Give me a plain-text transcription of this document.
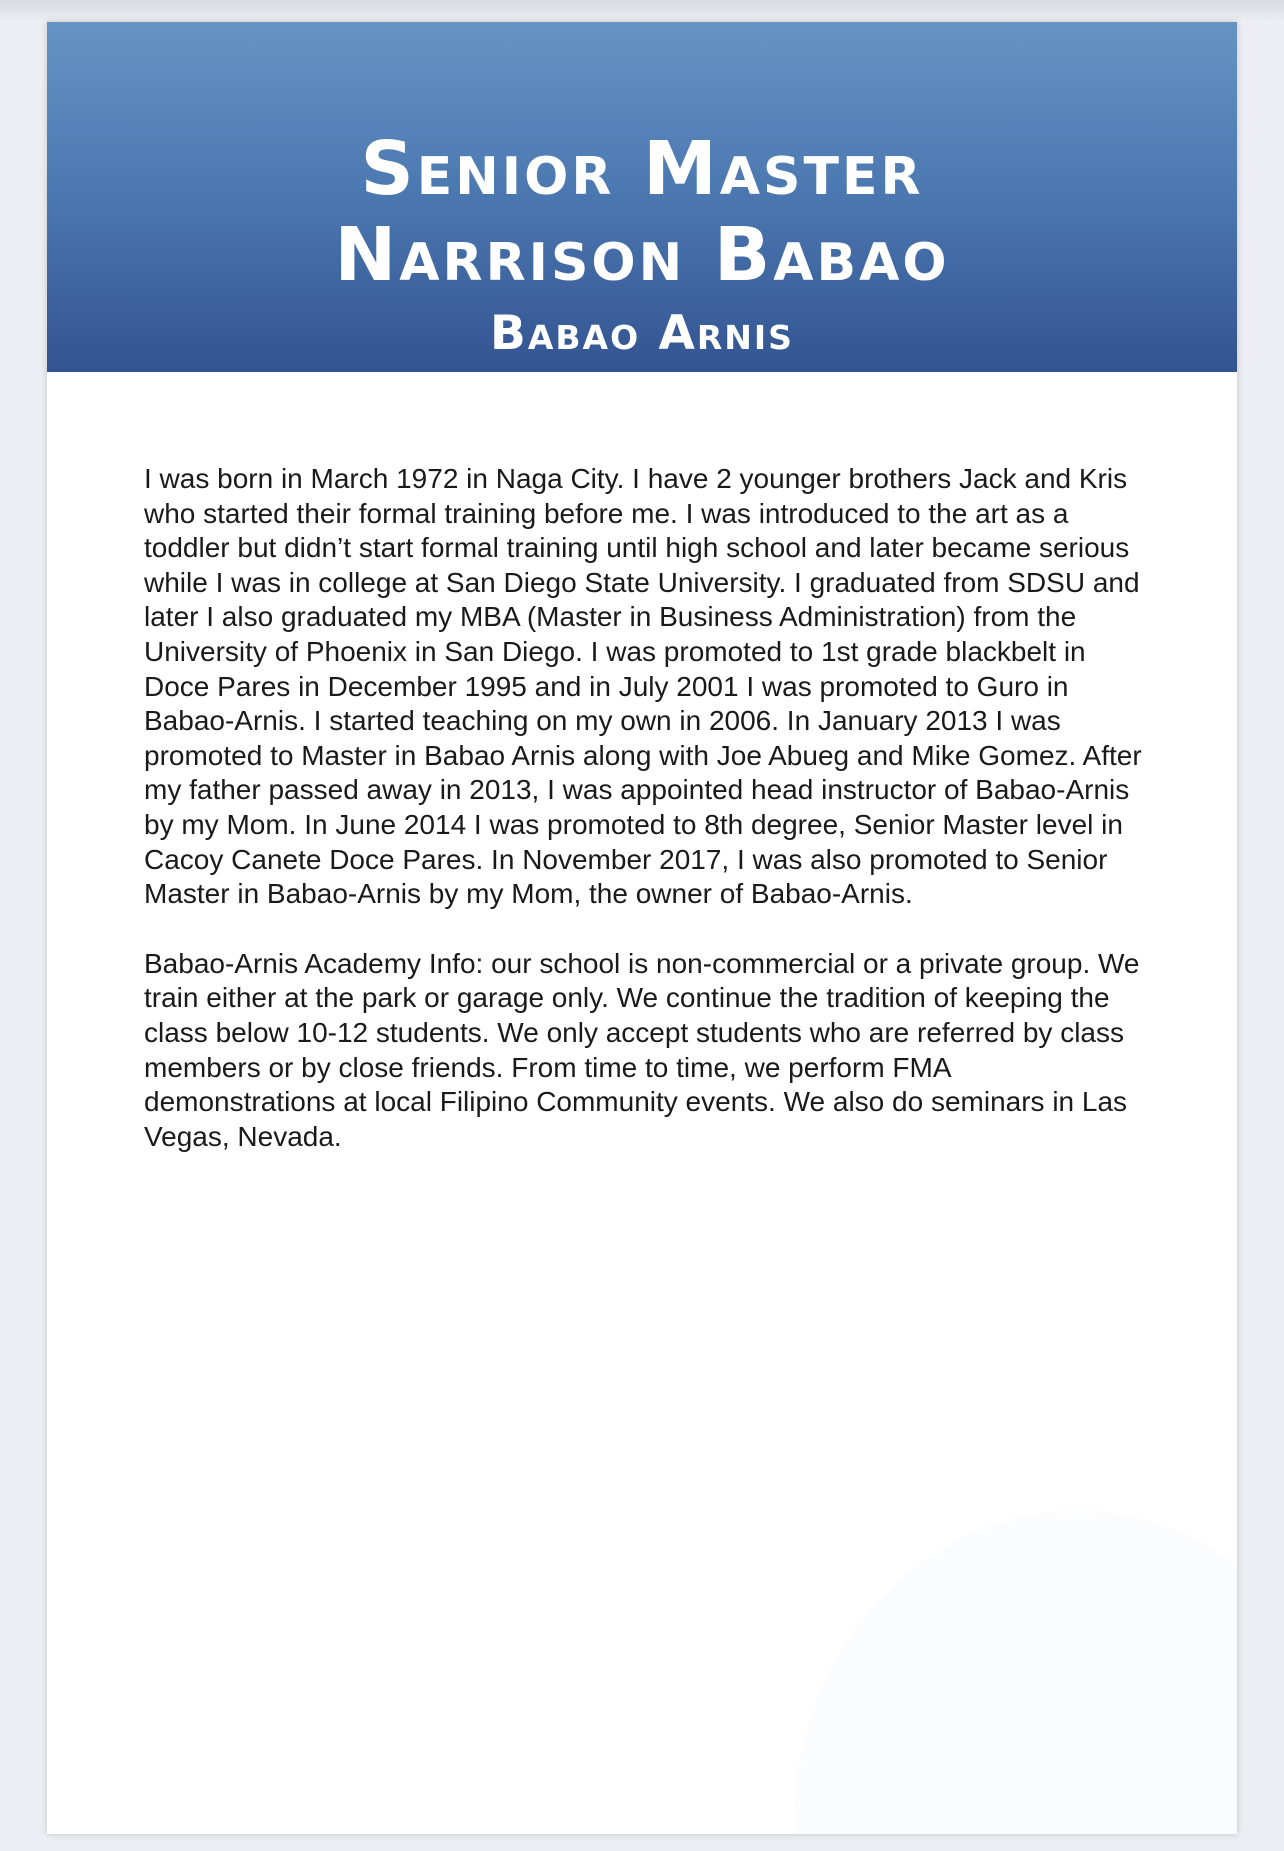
Senior Master
Narrison Babao
Babao Arnis

I was born in March 1972 in Naga City. I have 2 younger brothers Jack and Kris who started their formal training before me. I was introduced to the art as a toddler but didn’t start formal training until high school and later became serious while I was in college at San Diego State University. I graduated from SDSU and later I also graduated my MBA (Master in Business Administration) from the University of Phoenix in San Diego. I was promoted to 1st grade blackbelt in Doce Pares in December 1995 and in July 2001 I was promoted to Guro in Babao-Arnis. I started teaching on my own in 2006. In January 2013 I was promoted to Master in Babao Arnis along with Joe Abueg and Mike Gomez. After my father passed away in 2013, I was appointed head instructor of Babao-Arnis by my Mom. In June 2014 I was promoted to 8th degree, Senior Master level in Cacoy Canete Doce Pares. In November 2017, I was also promoted to Senior Master in Babao-Arnis by my Mom, the owner of Babao-Arnis.

Babao-Arnis Academy Info: our school is non-commercial or a private group. We train either at the park or garage only. We continue the tradition of keeping the class below 10-12 students. We only accept students who are referred by class members or by close friends. From time to time, we perform FMA demonstrations at local Filipino Community events. We also do seminars in Las Vegas, Nevada.
